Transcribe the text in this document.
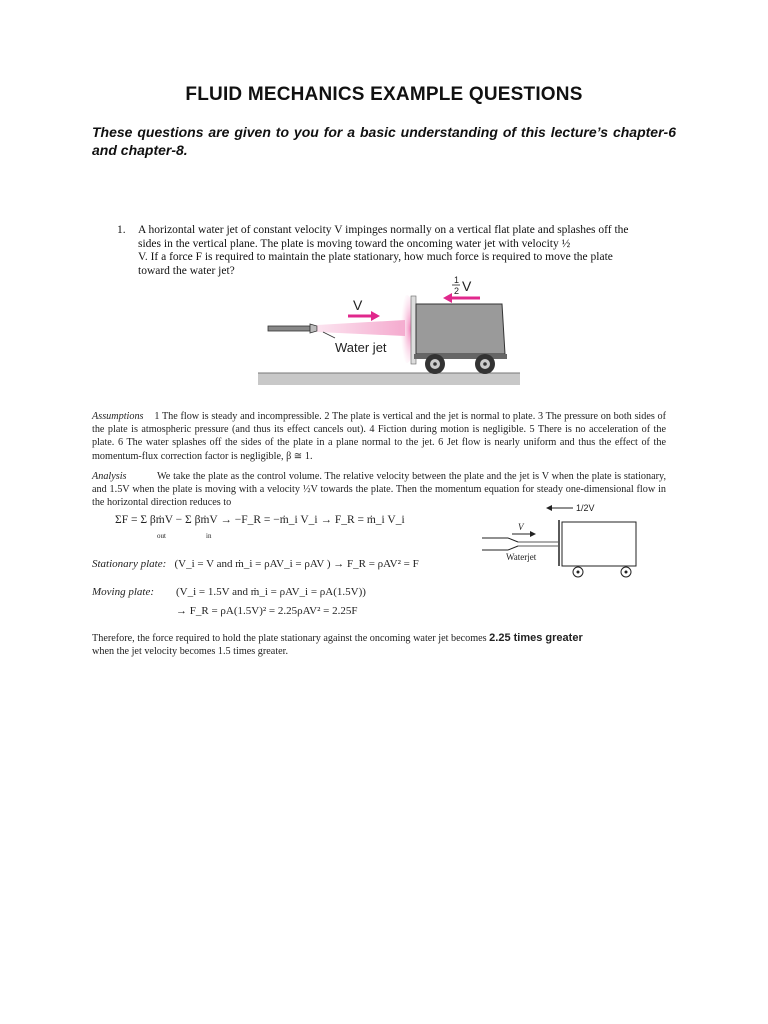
FLUID MECHANICS EXAMPLE QUESTIONS
These questions are given to you for a basic understanding of this lecture’s chapter-6 and chapter-8.
1. A horizontal water jet of constant velocity V impinges normally on a vertical flat plate and splashes off the
sides in the vertical plane. The plate is moving toward the oncoming water jet with velocity ½
V. If a force F is required to maintain the plate stationary, how much force is required to move the plate
toward the water jet?
V
1
2 V
Water jet
Assumptions 1 The flow is steady and incompressible. 2 The plate is vertical and the jet is normal to plate. 3 The pressure on both sides of the plate is atmospheric pressure (and thus its effect cancels out). 4 Fiction during motion is negligible. 5 There is no acceleration of the plate. 6 The water splashes off the sides of the plate in a plane normal to the jet. 6 Jet flow is nearly uniform and thus the effect of the momentum-flux correction factor is negligible, β ≅ 1.
Analysis	We take the plate as the control volume. The relative velocity between the plate and the jet is V when the plate is stationary, and 1.5V when the plate is moving with a velocity ½V towards the plate. Then the momentum equation for steady one-dimensional flow in the horizontal direction reduces to
ΣF = Σ βṁV − Σ βṁV → −F_R = −ṁ_i V_i → F_R = ṁ_i V_i
out	in
Stationary plate: (V_i = V and ṁ_i = ρAV_i = ρAV ) → F_R = ρAV² = F
Moving plate: (V_i = 1.5V and ṁ_i = ρAV_i = ρA(1.5V))
→ F_R = ρA(1.5V)² = 2.25ρAV² = 2.25F
1/2V
V
Waterjet
Therefore, the force required to hold the plate stationary against the oncoming water jet becomes 2.25 times greater
when the jet velocity becomes 1.5 times greater.
